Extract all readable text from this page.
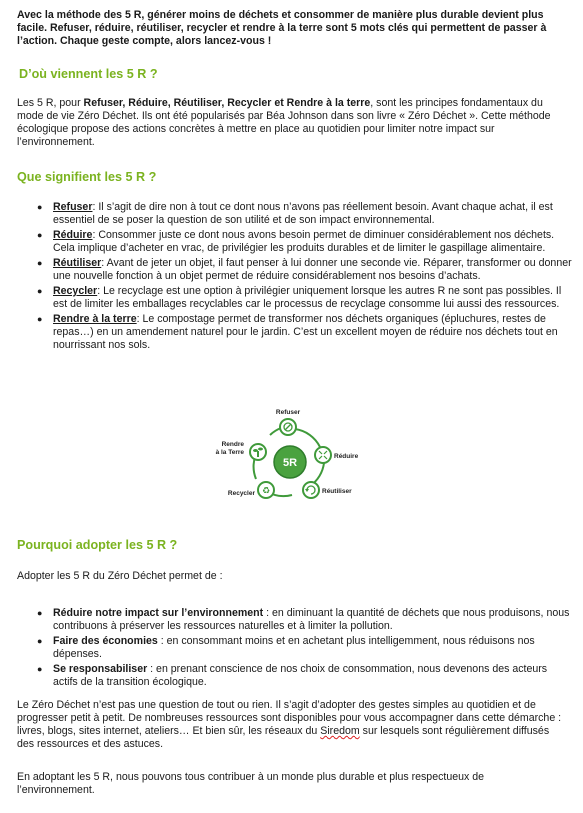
Avec la méthode des 5 R, générer moins de déchets et consommer de manière plus durable devient plus facile. Refuser, réduire, réutiliser, recycler et rendre à la terre sont 5 mots clés qui permettent de passer à l’action. Chaque geste compte, alors lancez-vous !

D’où viennent les 5 R ?

Les 5 R, pour Refuser, Réduire, Réutiliser, Recycler et Rendre à la terre, sont les principes fondamentaux du mode de vie Zéro Déchet. Ils ont été popularisés par Béa Johnson dans son livre « Zéro Déchet ». Cette méthode écologique propose des actions concrètes à mettre en place au quotidien pour limiter notre impact sur l’environnement.

Que signifient les 5 R ?
● Refuser: Il s’agit de dire non à tout ce dont nous n’avons pas réellement besoin. Avant chaque achat, il est essentiel de se poser la question de son utilité et de son impact environnemental.
● Réduire: Consommer juste ce dont nous avons besoin permet de diminuer considérablement nos déchets. Cela implique d’acheter en vrac, de privilégier les produits durables et de limiter le gaspillage alimentaire.
● Réutiliser: Avant de jeter un objet, il faut penser à lui donner une seconde vie. Réparer, transformer ou donner une nouvelle fonction à un objet permet de réduire considérablement nos besoins d’achats.
● Recycler: Le recyclage est une option à privilégier uniquement lorsque les autres R ne sont pas possibles. Il est de limiter les emballages recyclables car le processus de recyclage consomme lui aussi des ressources.
● Rendre à la terre: Le compostage permet de transformer nos déchets organiques (épluchures, restes de repas…) en un amendement naturel pour le jardin. C’est un excellent moyen de réduire nos déchets tout en nourrissant nos sols.
Pourquoi adopter les 5 R ?

Adopter les 5 R du Zéro Déchet permet de :

● Réduire notre impact sur l’environnement : en diminuant la quantité de déchets que nous produisons, nous contribuons à préserver les ressources naturelles et à limiter la pollution.
● Faire des économies : en consommant moins et en achetant plus intelligemment, nous réduisons nos dépenses.
● Se responsabiliser : en prenant conscience de nos choix de consommation, nous devenons des acteurs actifs de la transition écologique.

Le Zéro Déchet n’est pas une question de tout ou rien. Il s’agit d’adopter des gestes simples au quotidien et de progresser petit à petit. De nombreuses ressources sont disponibles pour vous accompagner dans cette démarche : livres, blogs, sites internet, ateliers… Et bien sûr, les réseaux du Siredom sur lesquels sont régulièrement diffusés des ressources et des astuces.

En adoptant les 5 R, nous pouvons tous contribuer à un monde plus durable et plus respectueux de l’environnement.

5R
Refuser
Réduire
Réutiliser
♻
Recycler
Rendre
à la Terre
